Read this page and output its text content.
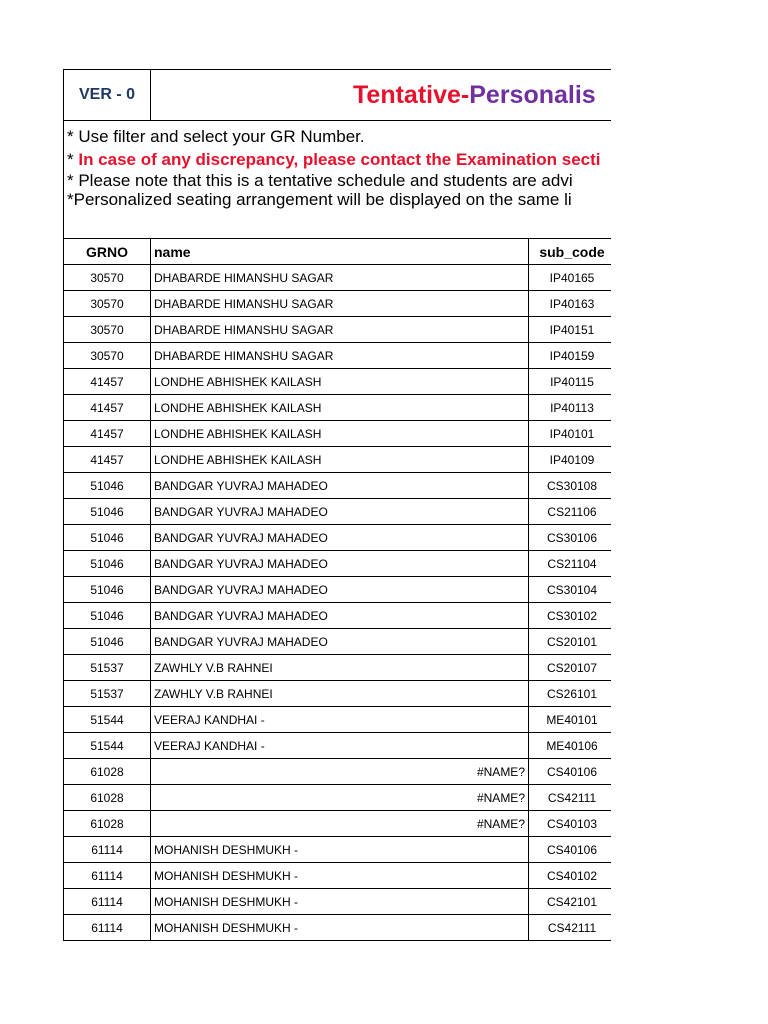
VER - 0	Tentative - Personalis
* Use filter and select your GR Number.
* In case of any discrepancy, please contact the Examination secti
* Please note that this is a tentative schedule and students are advi
*Personalized seating arrangement will be displayed on the same li
GRNO	name	sub_code
30570	DHABARDE HIMANSHU SAGAR	IP40165
30570	DHABARDE HIMANSHU SAGAR	IP40163
30570	DHABARDE HIMANSHU SAGAR	IP40151
30570	DHABARDE HIMANSHU SAGAR	IP40159
41457	LONDHE ABHISHEK KAILASH	IP40115
41457	LONDHE ABHISHEK KAILASH	IP40113
41457	LONDHE ABHISHEK KAILASH	IP40101
41457	LONDHE ABHISHEK KAILASH	IP40109
51046	BANDGAR YUVRAJ MAHADEO	CS30108
51046	BANDGAR YUVRAJ MAHADEO	CS21106
51046	BANDGAR YUVRAJ MAHADEO	CS30106
51046	BANDGAR YUVRAJ MAHADEO	CS21104
51046	BANDGAR YUVRAJ MAHADEO	CS30104
51046	BANDGAR YUVRAJ MAHADEO	CS30102
51046	BANDGAR YUVRAJ MAHADEO	CS20101
51537	ZAWHLY V.B RAHNEI	CS20107
51537	ZAWHLY V.B RAHNEI	CS26101
51544	VEERAJ KANDHAI -	ME40101
51544	VEERAJ KANDHAI -	ME40106
61028	#NAME?	CS40106
61028	#NAME?	CS42111
61028	#NAME?	CS40103
61114	MOHANISH DESHMUKH -	CS40106
61114	MOHANISH DESHMUKH -	CS40102
61114	MOHANISH DESHMUKH -	CS42101
61114	MOHANISH DESHMUKH -	CS42111
